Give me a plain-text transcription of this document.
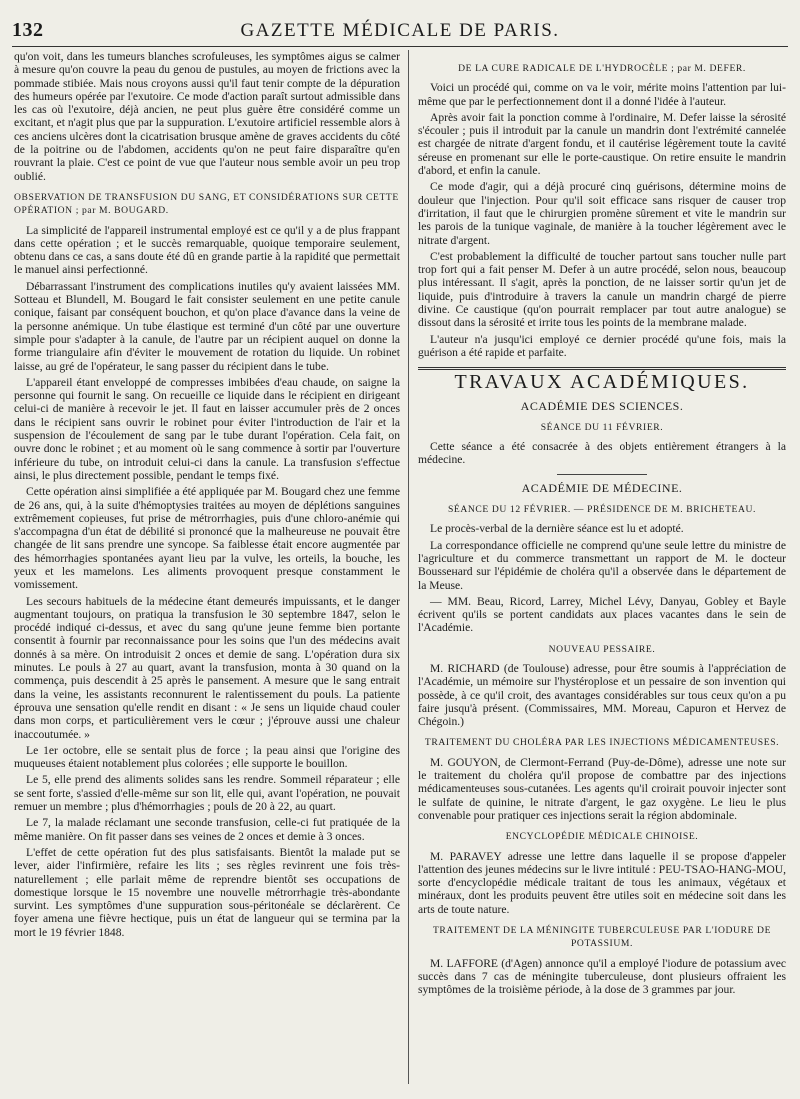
132	GAZETTE MÉDICALE DE PARIS.

qu'on voit, dans les tumeurs blanches scrofuleuses, les symptômes aigus se calmer à mesure qu'on couvre la peau du genou de pustules, au moyen de frictions avec la pommade stibiée. Mais nous croyons aussi qu'il faut tenir compte de la dépuration des humeurs opérée par l'exutoire. Ce mode d'action paraît surtout admissible dans les cas où l'exutoire, déjà ancien, ne peut plus guère être considéré comme un excitant, et n'agit plus que par la suppuration. L'exutoire artificiel ressemble alors à ces anciens ulcères dont la cicatrisation brusque amène de graves accidents du côté de la poitrine ou de l'abdomen, accidents qu'on ne peut faire disparaître qu'en rouvrant la plaie. C'est ce point de vue que l'auteur nous semble avoir un peu trop oublié.

OBSERVATION DE TRANSFUSION DU SANG, ET CONSIDÉRATIONS SUR CETTE OPÉRATION ; par M. BOUGARD.

La simplicité de l'appareil instrumental employé est ce qu'il y a de plus frappant dans cette opération ; et le succès remarquable, quoique temporaire seulement, obtenu dans ce cas, a sans doute été dû en grande partie à la rapidité que permettait le manuel ainsi perfectionné.

Débarrassant l'instrument des complications inutiles qu'y avaient laissées MM. Sotteau et Blundell, M. Bougard le fait consister seulement en une petite canule conique, faisant par conséquent bouchon, et qu'on place d'avance dans la veine de la personne anémique. Un tube élastique est terminé d'un côté par une ouverture simple pour s'adapter à la canule, de l'autre par un récipient auquel on donne la forme triangulaire afin d'éviter le mouvement de rotation du liquide. Un robinet laisse, au gré de l'opérateur, le sang passer du récipient dans le tube.

L'appareil étant enveloppé de compresses imbibées d'eau chaude, on saigne la personne qui fournit le sang. On recueille ce liquide dans le récipient en dirigeant celui-ci de manière à recevoir le jet. Il faut en laisser accumuler près de 2 onces dans le récipient sans ouvrir le robinet pour éviter l'introduction de l'air et la suspension de l'écoulement de sang par le tube durant l'opération. Cela fait, on ouvre donc le robinet ; et au moment où le sang commence à sortir par l'ouverture inférieure du tube, on introduit celui-ci dans la canule. La transfusion s'effectue ainsi, le plus directement possible, pendant le temps fixé.

Cette opération ainsi simplifiée a été appliquée par M. Bougard chez une femme de 26 ans, qui, à la suite d'hémoptysies traitées au moyen de déplétions sanguines extrêmement copieuses, fut prise de métrorrhagies, puis d'une chloro-anémie qui s'accompagna d'un état de débilité si prononcé que la malheureuse ne pouvait être changée de lit sans prendre une syncope. Sa faiblesse était encore augmentée par des hémorrhagies spontanées ayant lieu par la vulve, les orteils, la bouche, les yeux et les mamelons. Les aliments provoquent presque constamment le vomissement.

Les secours habituels de la médecine étant demeurés impuissants, et le danger augmentant toujours, on pratiqua la transfusion le 30 septembre 1847, selon le procédé indiqué ci-dessus, et avec du sang qu'une jeune femme bien portante consentit à fournir par reconnaissance pour les soins que l'un des médecins avait donnés à sa mère. On introduisit 2 onces et demie de sang. L'opération dura six minutes. Le pouls à 27 au quart, avant la transfusion, monta à 30 quand on la commença, puis descendit à 25 après le pansement. A mesure que le sang entrait dans la veine, les assistants reconnurent le ralentissement du pouls. La patiente éprouva une sensation qu'elle rendit en disant : « Je sens un liquide chaud couler dans mon corps, et particulièrement vers le cœur ; j'éprouve aussi une chaleur inaccoutumée. »

Le 1er octobre, elle se sentait plus de force ; la peau ainsi que l'origine des muqueuses étaient notablement plus colorées ; elle supporte le bouillon.

Le 5, elle prend des aliments solides sans les rendre. Sommeil réparateur ; elle se sent forte, s'assied d'elle-même sur son lit, elle qui, avant l'opération, ne pouvait remuer un membre ; plus d'hémorrhagies ; pouls de 20 à 22, au quart.

Le 7, la malade réclamant une seconde transfusion, celle-ci fut pratiquée de la même manière. On fit passer dans ses veines de 2 onces et demie à 3 onces.

L'effet de cette opération fut des plus satisfaisants. Bientôt la malade put se lever, aider l'infirmière, refaire les lits ; ses règles revinrent une fois très-naturellement ; elle parlait même de reprendre bientôt ses occupations de domestique lorsque le 15 novembre une nouvelle métrorrhagie très-abondante survint. Les symptômes d'une suppuration sous-péritonéale se déclarèrent. Ce foyer amena une fièvre hectique, puis un état de langueur qui se termina par la mort le 19 février 1848.

DE LA CURE RADICALE DE L'HYDROCÈLE ; par M. DEFER.

Voici un procédé qui, comme on va le voir, mérite moins l'attention par lui-même que par le perfectionnement dont il a donné l'idée à l'auteur.

Après avoir fait la ponction comme à l'ordinaire, M. Defer laisse la sérosité s'écouler ; puis il introduit par la canule un mandrin dont l'extrémité cannelée est chargée de nitrate d'argent fondu, et il cautérise légèrement toute la cavité séreuse en promenant sur elle le porte-caustique. On retire ensuite le mandrin d'abord, et enfin la canule.

Ce mode d'agir, qui a déjà procuré cinq guérisons, détermine moins de douleur que l'injection. Pour qu'il soit efficace sans risquer de causer trop d'irritation, il faut que le chirurgien promène sûrement et vite le mandrin sur les parois de la tunique vaginale, de manière à la toucher légèrement avec le nitrate d'argent.

C'est probablement la difficulté de toucher partout sans toucher nulle part trop fort qui a fait penser M. Defer à un autre procédé, selon nous, beaucoup plus intéressant. Il s'agit, après la ponction, de ne laisser sortir qu'un jet de liquide, puis d'introduire à travers la canule un mandrin chargé de pierre divine. Ce caustique (qu'on pourrait remplacer par tout autre analogue) se dissout dans la sérosité et irrite tous les points de la membrane malade.

L'auteur n'a jusqu'ici employé ce dernier procédé qu'une fois, mais la guérison a été rapide et parfaite.

TRAVAUX ACADÉMIQUES.
ACADÉMIE DES SCIENCES.
SÉANCE DU 11 FÉVRIER.

Cette séance a été consacrée à des objets entièrement étrangers à la médecine.

ACADÉMIE DE MÉDECINE.
SÉANCE DU 12 FÉVRIER. — PRÉSIDENCE DE M. BRICHETEAU.

Le procès-verbal de la dernière séance est lu et adopté.

La correspondance officielle ne comprend qu'une seule lettre du ministre de l'agriculture et du commerce transmettant un rapport de M. le docteur Bousseнard sur l'épidémie de choléra qu'il a observée dans le département de la Meuse.

— MM. Beau, Ricord, Larrey, Michel Lévy, Danyau, Gobley et Bayle écrivent qu'ils se portent candidats aux places vacantes dans le sein de l'Académie.

NOUVEAU PESSAIRE.

M. RICHARD (de Toulouse) adresse, pour être soumis à l'appréciation de l'Académie, un mémoire sur l'hystéroplose et un pessaire de son invention qui possède, à ce qu'il croit, des avantages considérables sur tous ceux qu'on a pu faire jusqu'à présent. (Commissaires, MM. Moreau, Capuron et Hervez de Chégoin.)

TRAITEMENT DU CHOLÉRA PAR LES INJECTIONS MÉDICAMENTEUSES.

M. GOUYON, de Clermont-Ferrand (Puy-de-Dôme), adresse une note sur le traitement du choléra qu'il propose de combattre par des injections médicamenteuses sous-cutanées. Les agents qu'il croirait pouvoir injecter sont le sulfate de quinine, le nitrate d'argent, le gaz oxygène. Le lieu le plus convenable pour pratiquer ces injections serait la région abdominale.

ENCYCLOPÉDIE MÉDICALE CHINOISE.

M. PARAVEY adresse une lettre dans laquelle il se propose d'appeler l'attention des jeunes médecins sur le livre intitulé : PEU-TSAO-HANG-MOU, sorte d'encyclopédie médicale traitant de tous les animaux, végétaux et minéraux, dont les produits peuvent être utiles soit en médecine soit dans les arts de toute nature.

TRAITEMENT DE LA MÉNINGITE TUBERCULEUSE PAR L'IODURE DE POTASSIUM.

M. LAFFORE (d'Agen) annonce qu'il a employé l'iodure de potassium avec succès dans 7 cas de méningite tuberculeuse, dont plusieurs offraient les symptômes de la troisième période, à la dose de 3 grammes par jour.
